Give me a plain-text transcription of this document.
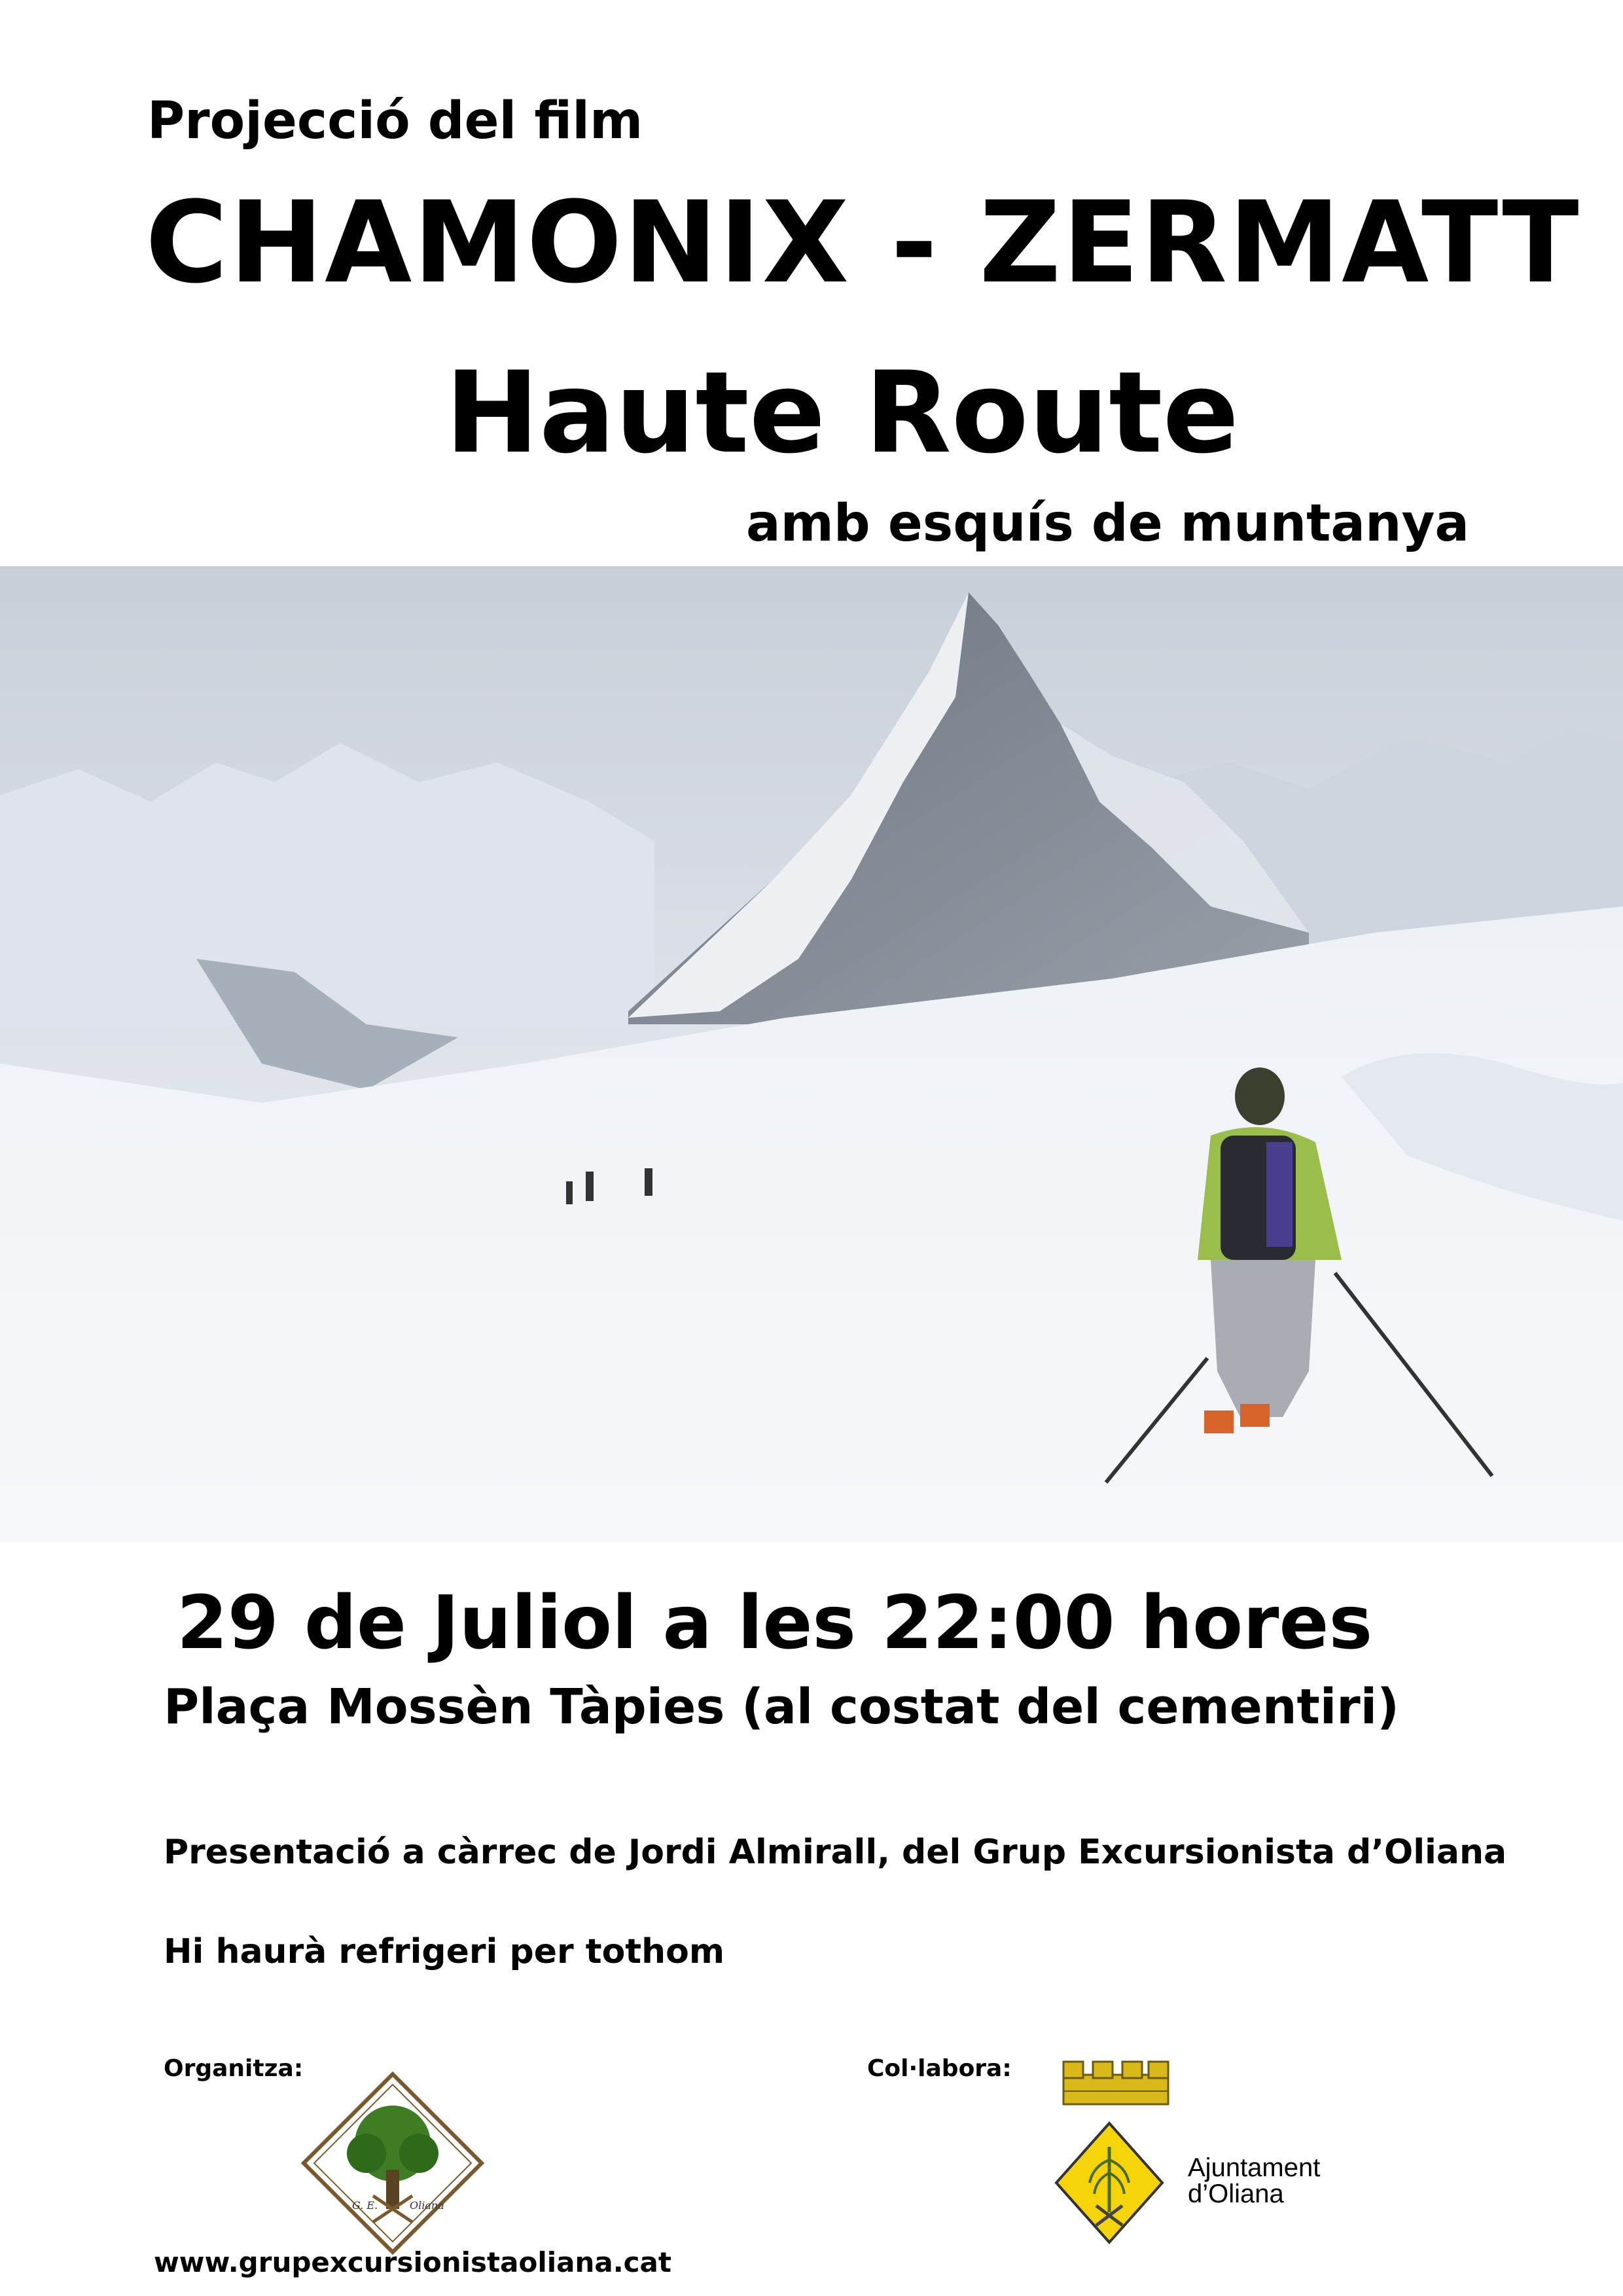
Projecció del film
CHAMONIX - ZERMATT
Haute Route
amb esquís de muntanya
29 de Juliol a les 22:00 hores
Plaça Mossèn Tàpies (al costat del cementiri)
Presentació a càrrec de Jordi Almirall, del Grup Excursionista d’Oliana
Hi haurà refrigeri per tothom
Organitza:	Col·labora:
G. E.	Oliana
Ajuntament
d’Oliana
www.grupexcursionistaoliana.cat
